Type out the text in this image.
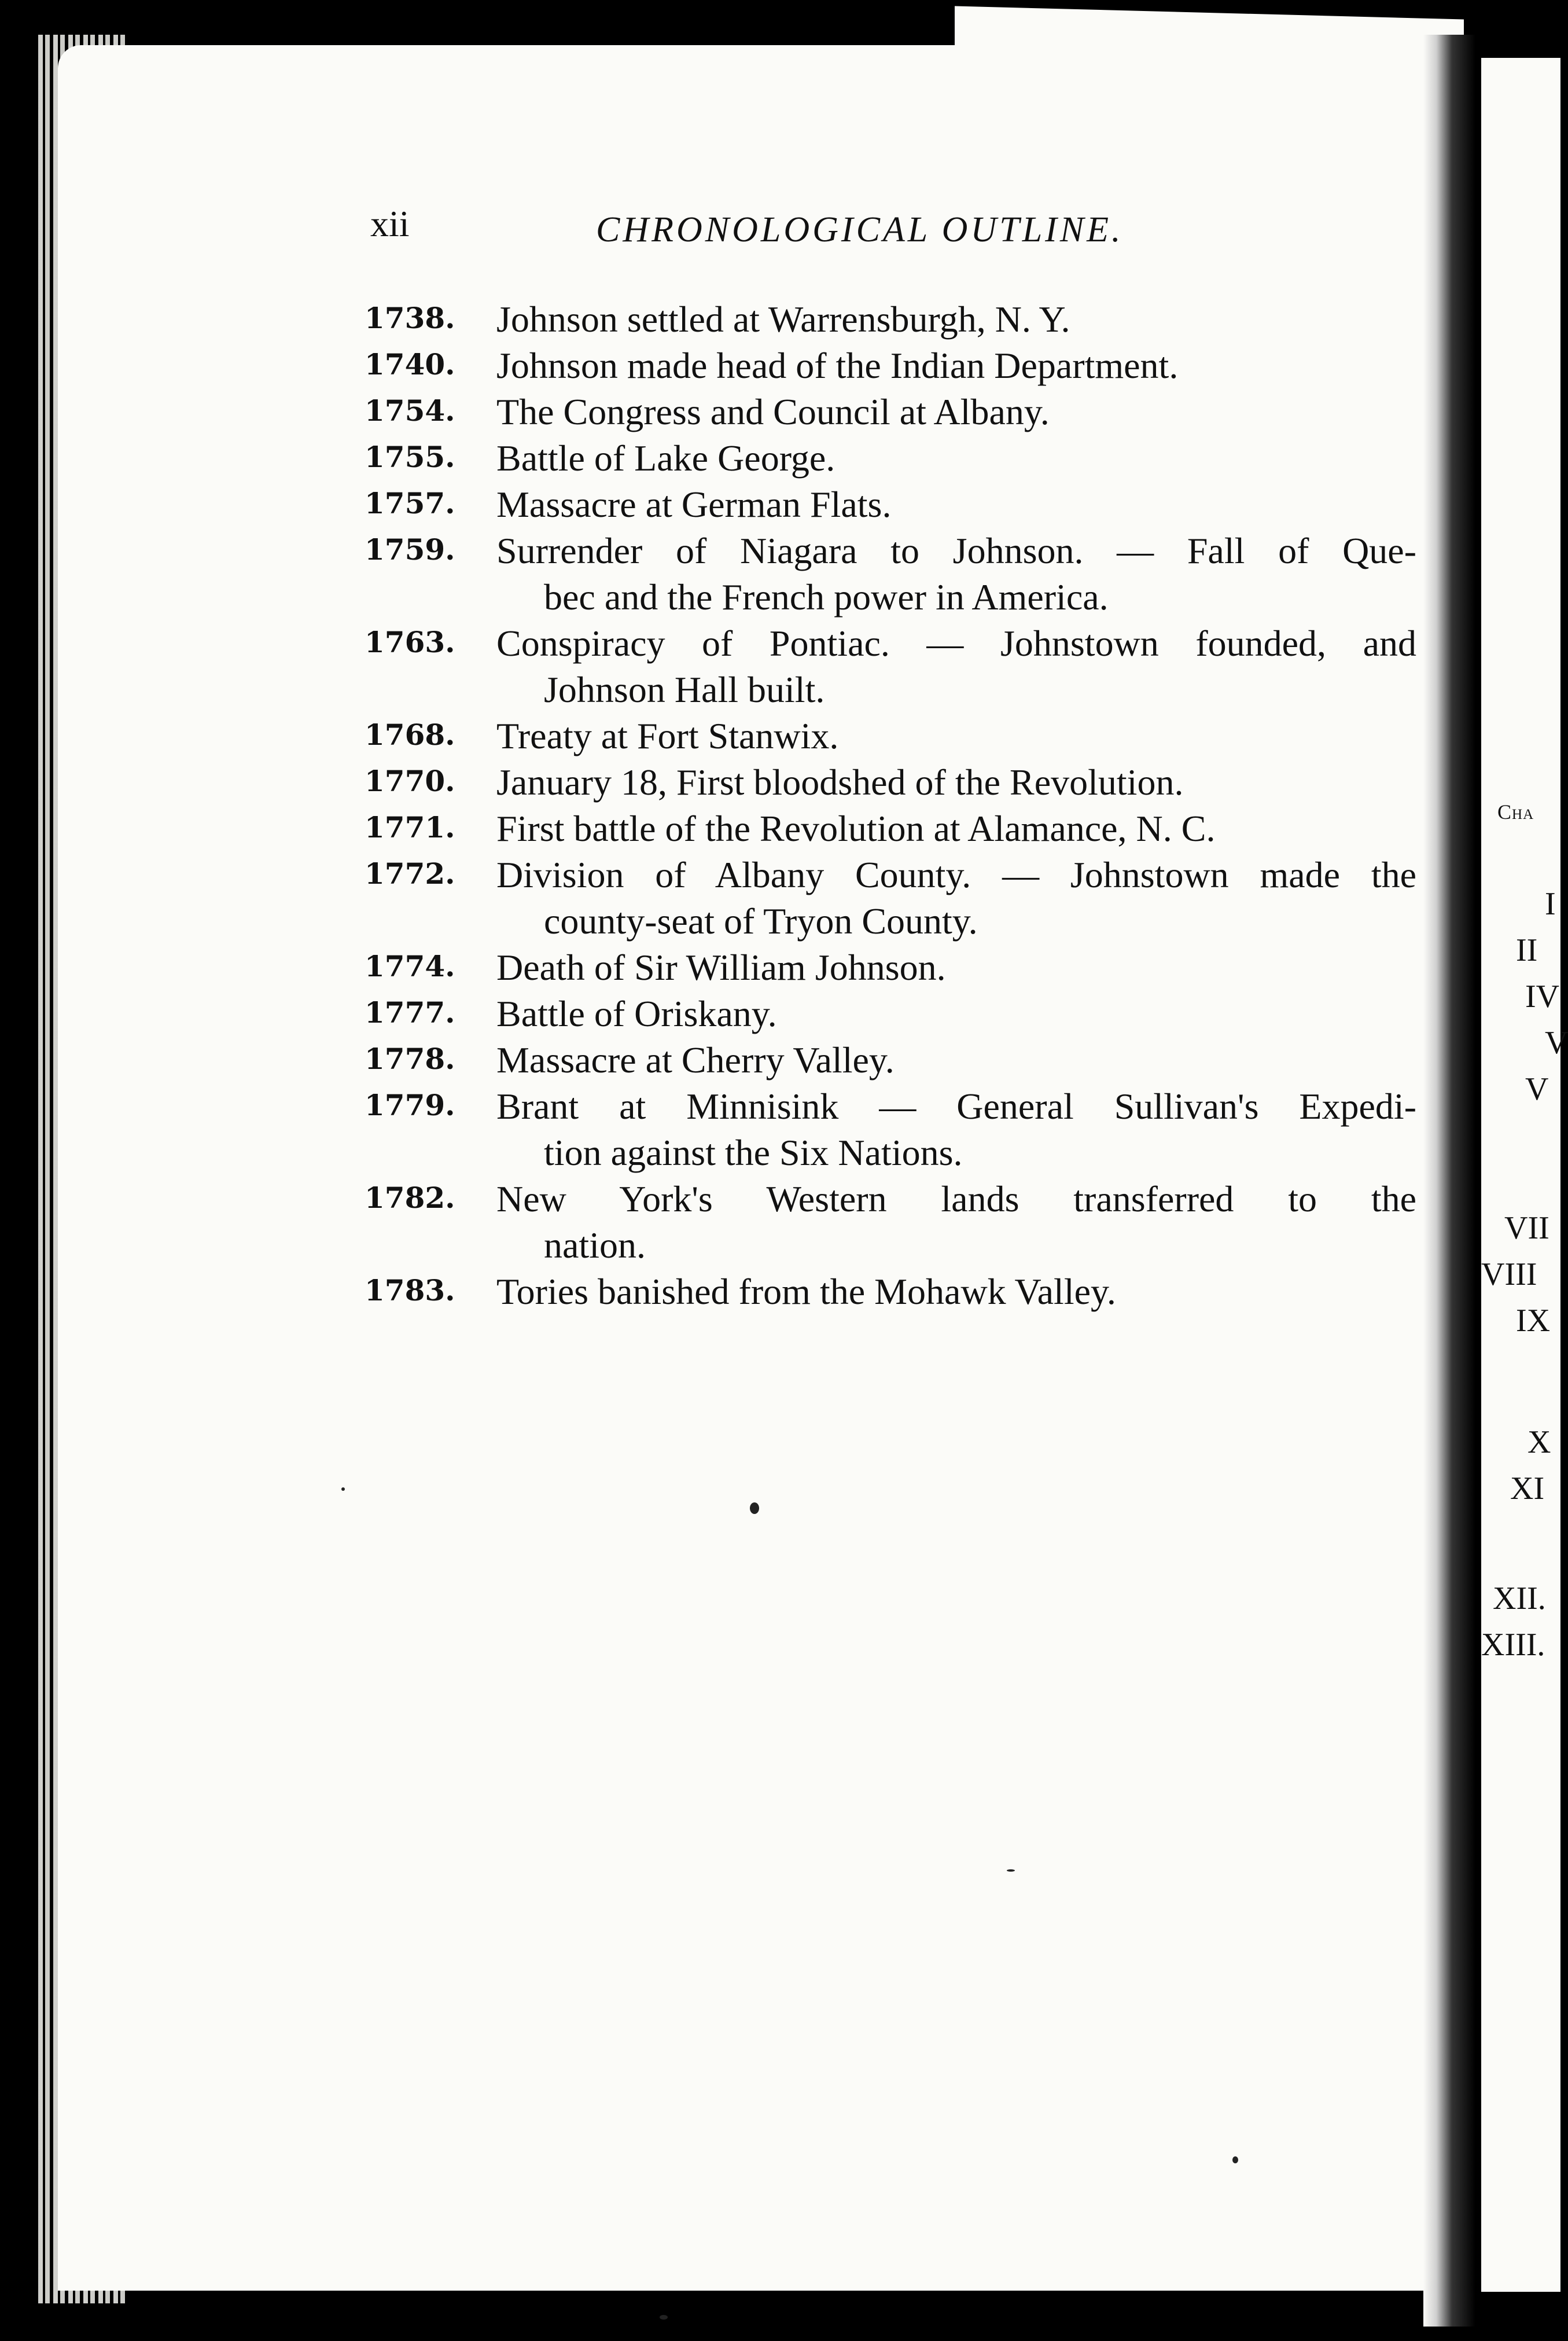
Cha
I
II
IV
V
V
VII
VIII
IX
X
XI
XII.
XIII.
xii	CHRONOLOGICAL OUTLINE.
1738.	Johnson settled at Warrensburgh, N. Y.
1740.	Johnson made head of the Indian Department.
1754.	The Congress and Council at Albany.
1755.	Battle of Lake George.
1757.	Massacre at German Flats.
1759.	Surrender of Niagara to Johnson. — Fall of Que-
bec and the French power in America.
1763.	Conspiracy of Pontiac. — Johnstown founded, and
Johnson Hall built.
1768.	Treaty at Fort Stanwix.
1770.	January 18, First bloodshed of the Revolution.
1771.	First battle of the Revolution at Alamance, N. C.
1772.	Division of Albany County. — Johnstown made the
county-seat of Tryon County.
1774.	Death of Sir William Johnson.
1777.	Battle of Oriskany.
1778.	Massacre at Cherry Valley.
1779.	Brant at Minnisink — General Sullivan's Expedi-
tion against the Six Nations.
1782.	New York's Western lands transferred to the
nation.
1783.	Tories banished from the Mohawk Valley.
